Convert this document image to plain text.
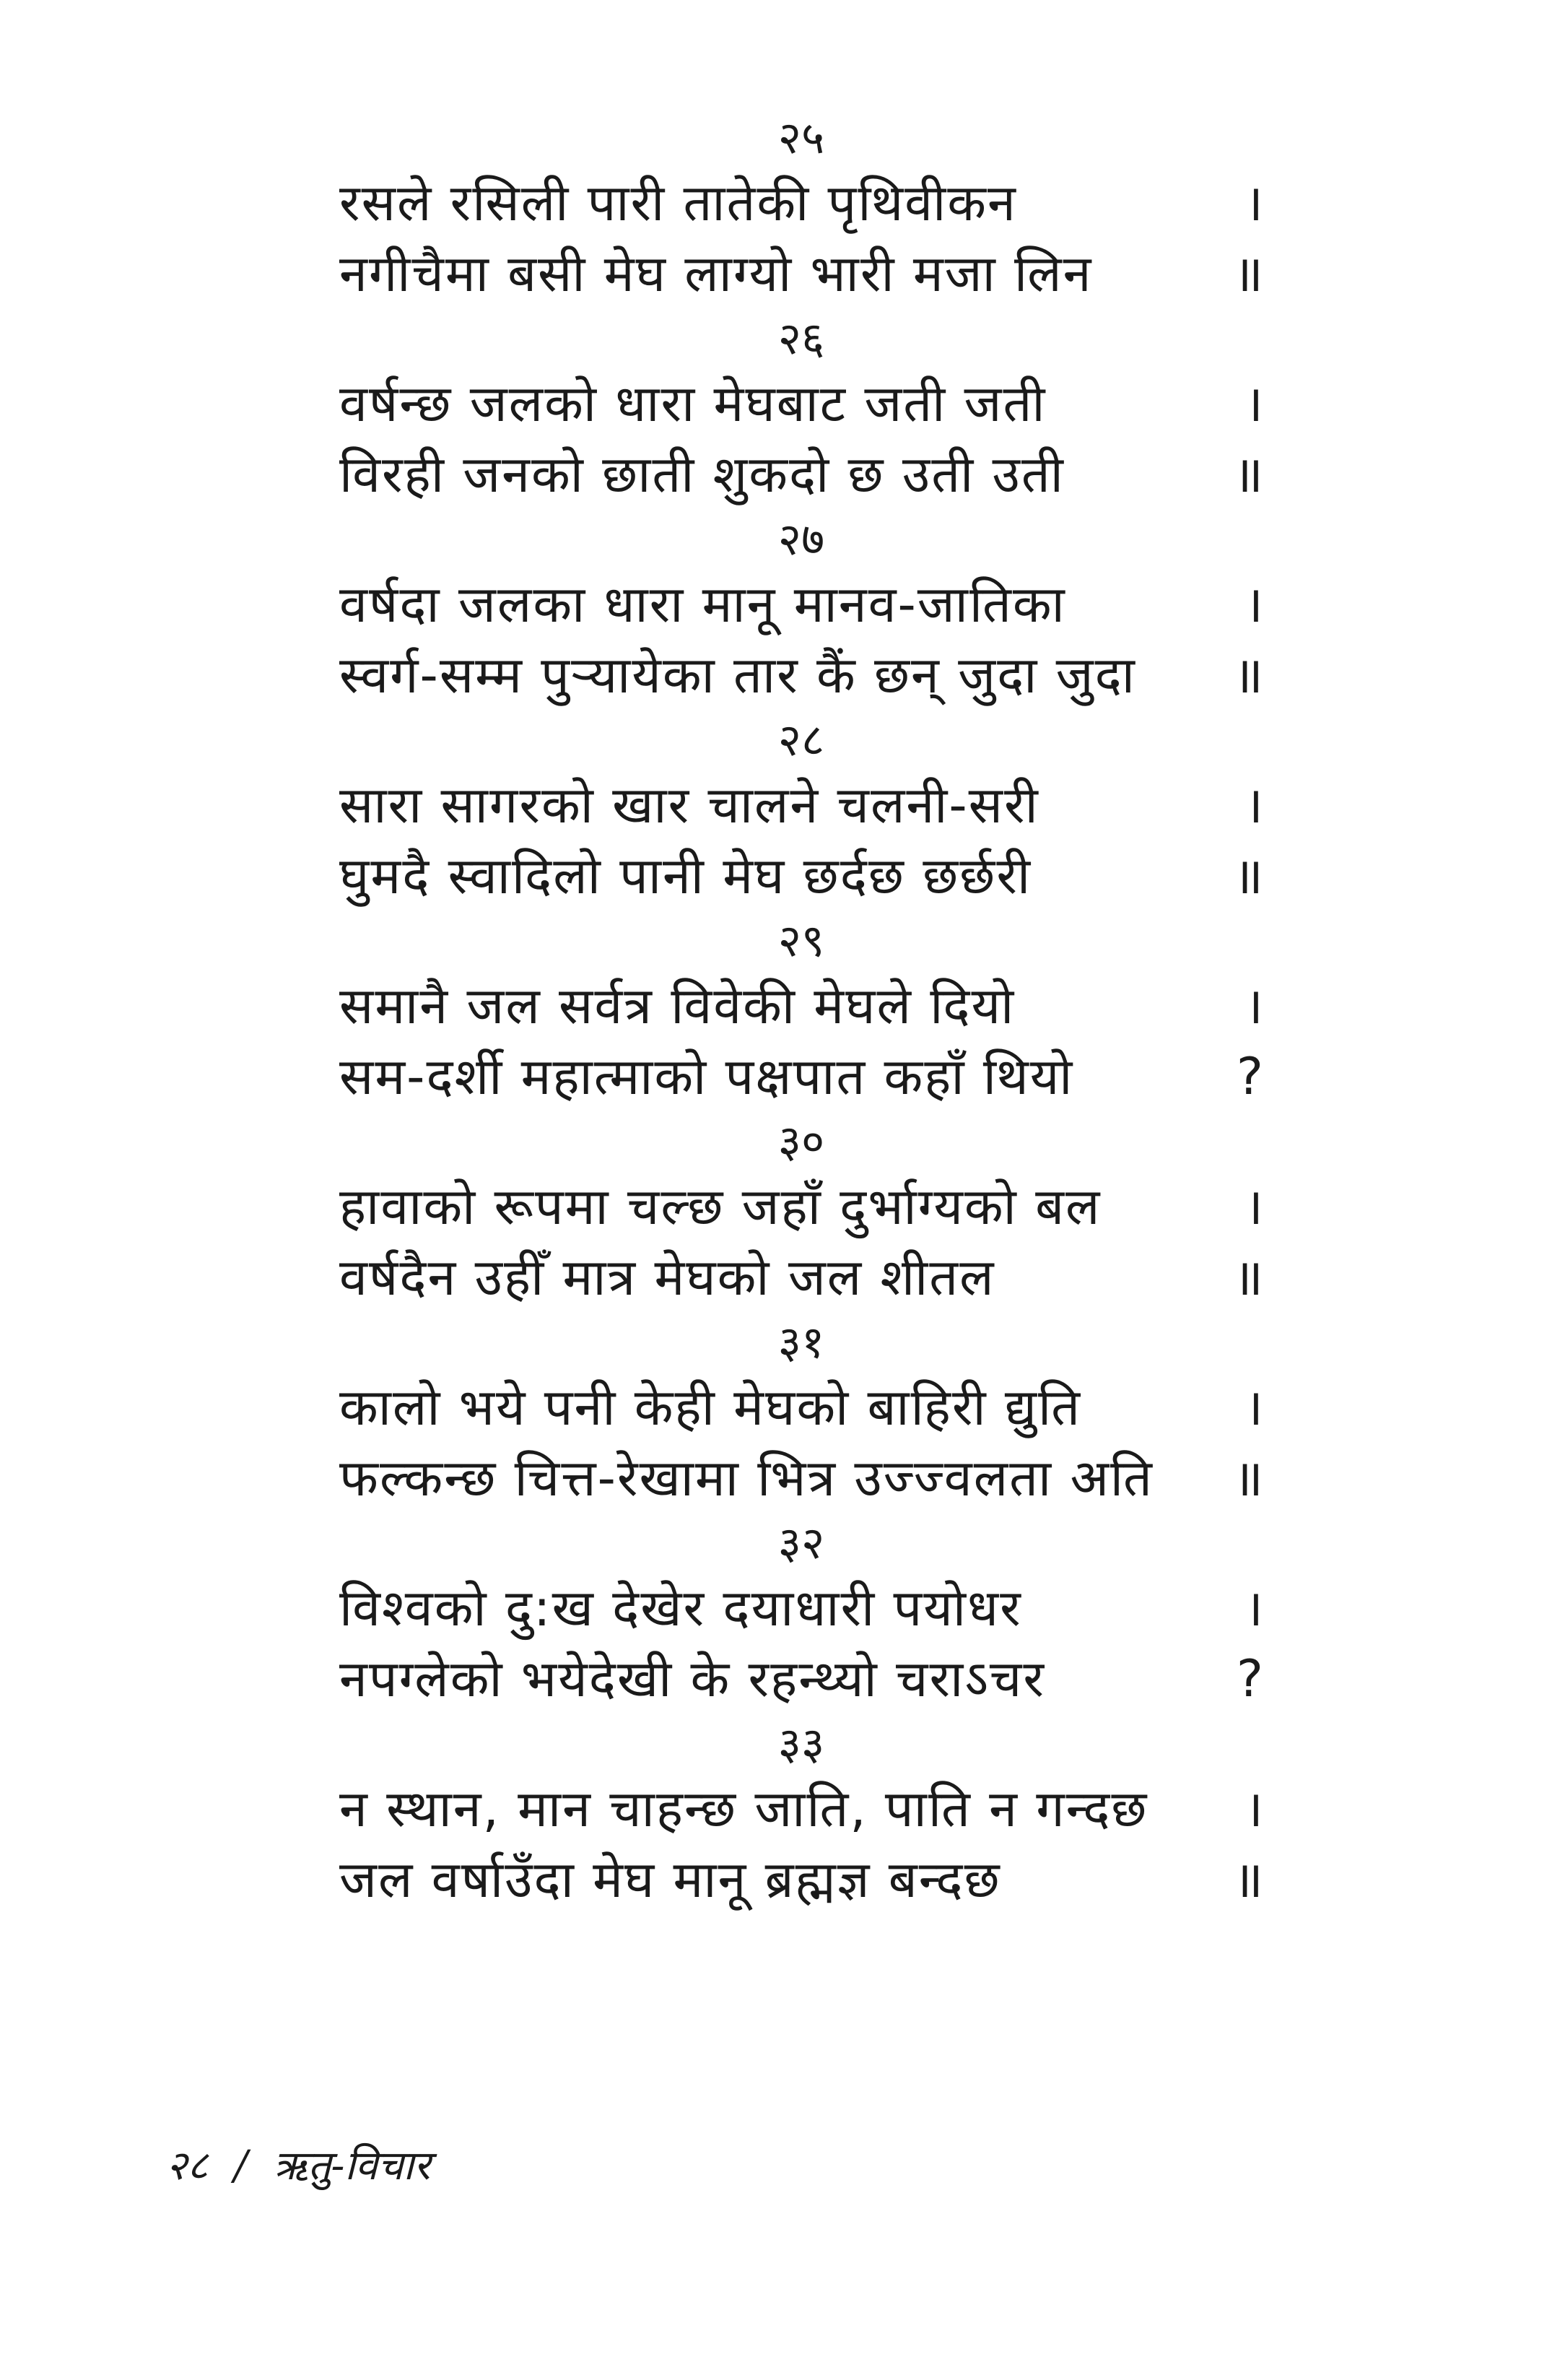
२५
रसले रसिली पारी तातेकी पृथिवीकन	।
नगीचैमा बसी मेघ लाग्यो भारी मजा लिन	॥
२६
वर्षन्छ जलको धारा मेघबाट जती जती	।
विरही जनको छाती शुकदो छ उती उती	॥
२७
वर्षदा जलका धारा मानू मानव-जातिका	।
स्वर्ग-सम्म पुऱ्यायेका तार कैं छन् जुदा जुदा	॥
२८
सारा सागरको खार चालने चलनी-सरी	।
घुमदै स्वादिलो पानी मेघ छर्दछ छर्छरी	॥
२९
समानै जल सर्वत्र विवेकी मेघले दियो	।
सम-दर्शी महात्माको पक्षपात कहाँ थियो	?
३०
हावाको रूपमा चल्छ जहाँ दुर्भाग्यको बल	।
वर्षदैन उहीँ मात्र मेघको जल शीतल	॥
३१
कालो भये पनी केही मेघको बाहिरी द्युति	।
फल्कन्छ चित्त-रेखामा भित्र उज्ज्वलता अति	॥
३२
विश्वको दु:ख देखेर दयाधारी पयोधर	।
नपग्लेको भयेदेखी के रहन्थ्यो चराऽचर	?
३३
न स्थान, मान चाहन्छ जाति, पाति न गन्दछ	।
जल वर्षाउँदा मेघ मानू ब्रह्मज्ञ बन्दछ	॥
२८ / ऋतु-विचार
